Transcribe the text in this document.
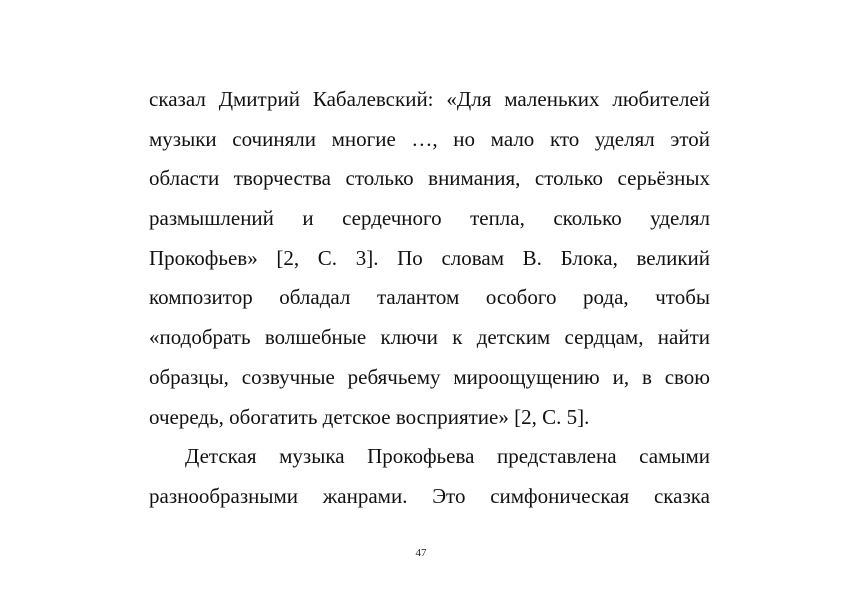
сказал Дмитрий Кабалевский: «Для маленьких любителей
музыки сочиняли многие …, но мало кто уделял этой
области творчества столько внимания, столько серьёзных
размышлений и сердечного тепла, сколько уделял
Прокофьев» [2, С. 3]. По словам В. Блока, великий
композитор обладал талантом особого рода, чтобы
«подобрать волшебные ключи к детским сердцам, найти
образцы, созвучные ребячьему мироощущению и, в свою
очередь, обогатить детское восприятие» [2, С. 5].
Детская музыка Прокофьева представлена самыми
разнообразными жанрами. Это симфоническая сказка
47
